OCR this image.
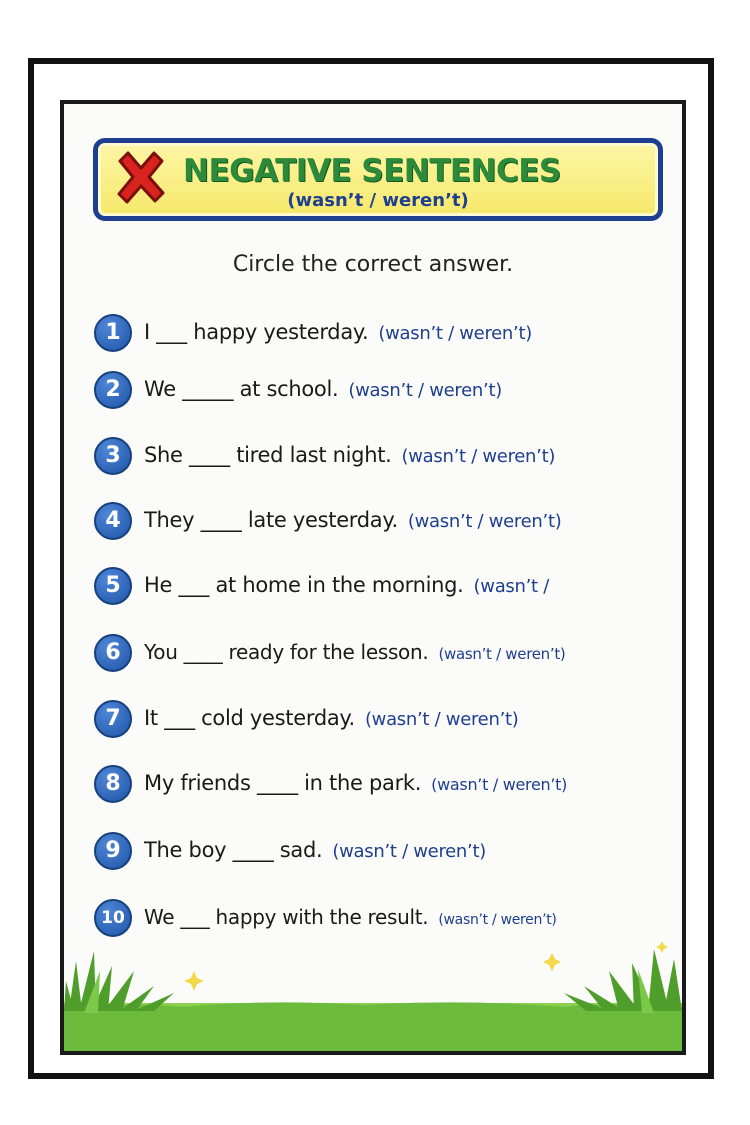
NEGATIVE SENTENCES
(wasn’t / weren’t)
Circle the correct answer.
1	I ___ happy yesterday. (wasn’t / weren’t)
2	We _____ at school. (wasn’t / weren’t)
3	She ____ tired last night. (wasn’t / weren’t)
4	They ____ late yesterday. (wasn’t / weren’t)
5	He ___ at home in the morning. (wasn’t /
6	You ____ ready for the lesson. (wasn’t / weren’t)
7	It ___ cold yesterday. (wasn’t / weren’t)
8	My friends ____ in the park. (wasn’t / weren’t)
9	The boy ____ sad. (wasn’t / weren’t)
10 We ___ happy with the result. (wasn’t / weren’t)
